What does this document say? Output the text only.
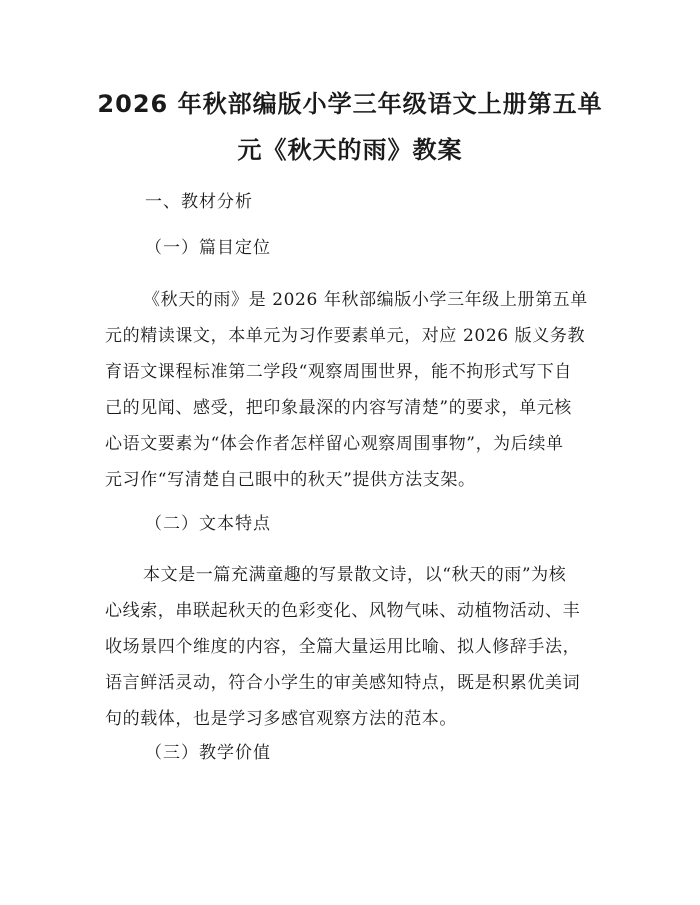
2026 年秋部编版小学三年级语文上册第五单
元《秋天的雨》教案
一、教材分析
（一）篇目定位
《秋天的雨》是 2026 年秋部编版小学三年级上册第五单
元的精读课文，本单元为习作要素单元，对应 2026 版义务教
育语文课程标准第二学段“观察周围世界，能不拘形式写下自
己的见闻、感受，把印象最深的内容写清楚”的要求，单元核
心语文要素为“体会作者怎样留心观察周围事物”，为后续单
元习作“写清楚自己眼中的秋天”提供方法支架。
（二）文本特点
本文是一篇充满童趣的写景散文诗，以“秋天的雨”为核
心线索，串联起秋天的色彩变化、风物气味、动植物活动、丰
收场景四个维度的内容，全篇大量运用比喻、拟人修辞手法，
语言鲜活灵动，符合小学生的审美感知特点，既是积累优美词
句的载体，也是学习多感官观察方法的范本。
（三）教学价值
